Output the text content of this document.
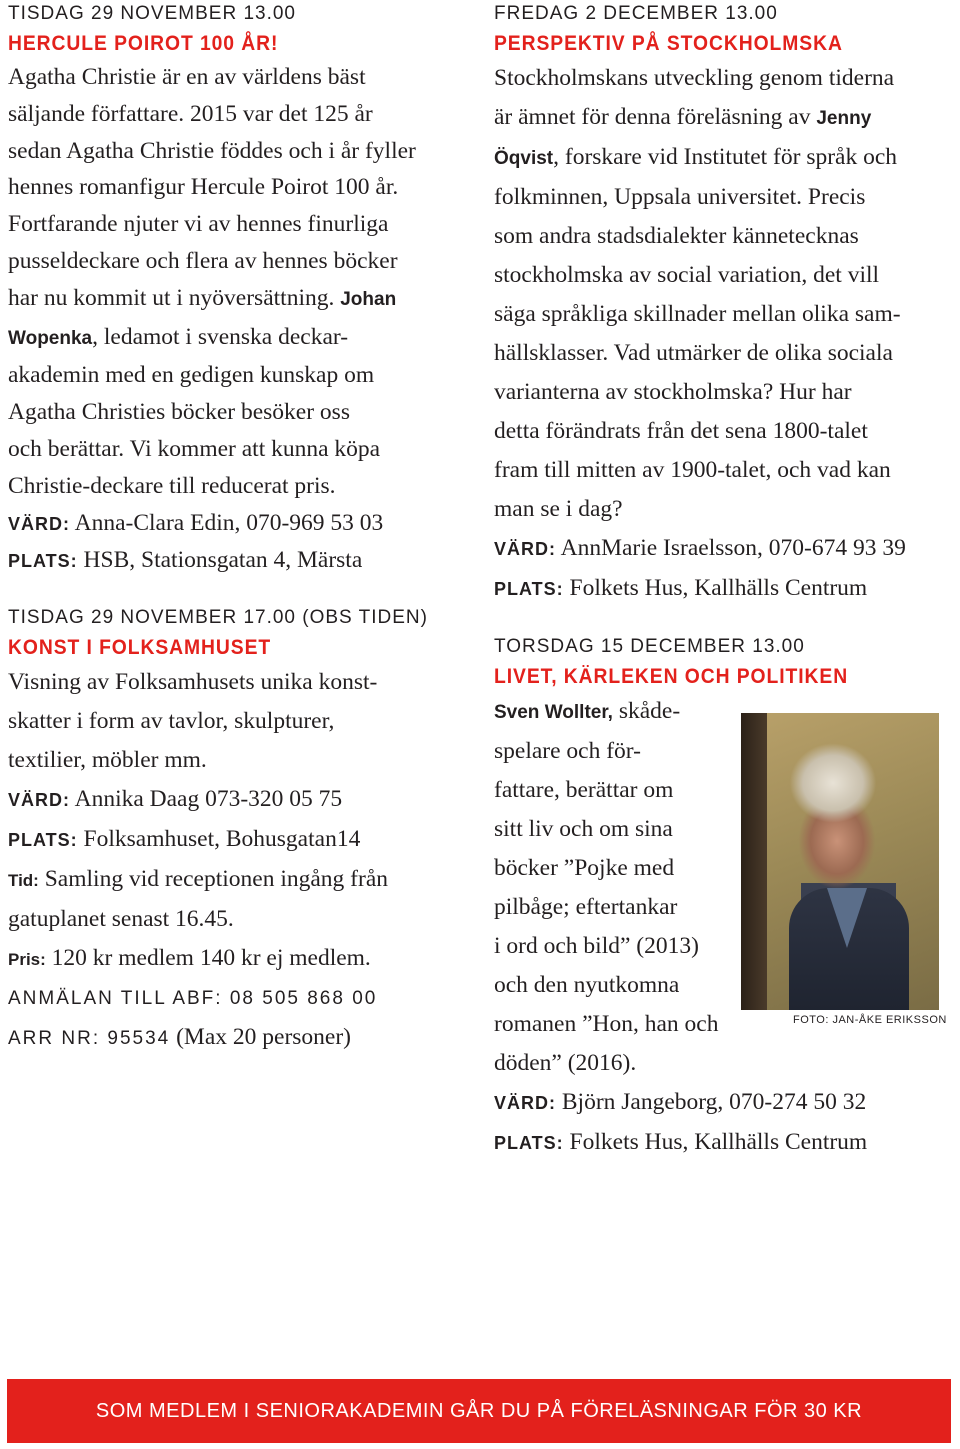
TISDAG 29 NOVEMBER 13.00
HERCULE POIROT 100 ÅR!

Agatha Christie är en av världens bäst

säljande författare. 2015 var det 125 år

sedan Agatha Christie föddes och i år fyller

hennes romanfigur Hercule Poirot 100 år.

Fortfarande njuter vi av hennes finurliga

pusseldeckare och flera av hennes böcker

har nu kommit ut i nyöversättning. Johan

Wopenka, ledamot i svenska deckar-

akademin med en gedigen kunskap om

Agatha Christies böcker besöker oss

och berättar. Vi kommer att kunna köpa

Christie-deckare till reducerat pris.

VÄRD: Anna-Clara Edin, 070-969 53 03

PLATS: HSB, Stationsgatan 4, Märsta

TISDAG 29 NOVEMBER 17.00 (OBS TIDEN)
KONST I FOLKSAMHUSET

Visning av Folksamhusets unika konst-

skatter i form av tavlor, skulpturer,

textilier, möbler mm.

VÄRD: Annika Daag 073-320 05 75

PLATS: Folksamhuset, Bohusgatan14

Tid: Samling vid receptionen ingång från

gatuplanet senast 16.45.

Pris: 120 kr medlem 140 kr ej medlem.

ANMÄLAN TILL ABF: 08 505 868 00

ARR NR: 95534 (Max 20 personer)

FREDAG 2 DECEMBER 13.00
PERSPEKTIV PÅ STOCKHOLMSKA

Stockholmskans utveckling genom tiderna

är ämnet för denna föreläsning av Jenny

Öqvist, forskare vid Institutet för språk och

folkminnen, Uppsala universitet. Precis

som andra stadsdialekter kännetecknas

stockholmska av social variation, det vill

säga språkliga skillnader mellan olika sam-

hällsklasser. Vad utmärker de olika sociala

varianterna av stockholmska? Hur har

detta förändrats från det sena 1800-talet

fram till mitten av 1900-talet, och vad kan

man se i dag?

VÄRD: AnnMarie Israelsson, 070-674 93 39

PLATS: Folkets Hus, Kallhälls Centrum

TORSDAG 15 DECEMBER 13.00
LIVET, KÄRLEKEN OCH POLITIKEN

Sven Wollter, skåde-

spelare och för-

fattare, berättar om

sitt liv och om sina

böcker ”Pojke med

pilbåge; eftertankar

i ord och bild” (2013)

och den nyutkomna

romanen ”Hon, han och

döden” (2016).

VÄRD: Björn Jangeborg, 070-274 50 32

PLATS: Folkets Hus, Kallhälls Centrum

FOTO: JAN-ÅKE ERIKSSON
SOM MEDLEM I SENIORAKADEMIN GÅR DU PÅ FÖRELÄSNINGAR FÖR 30 KR
